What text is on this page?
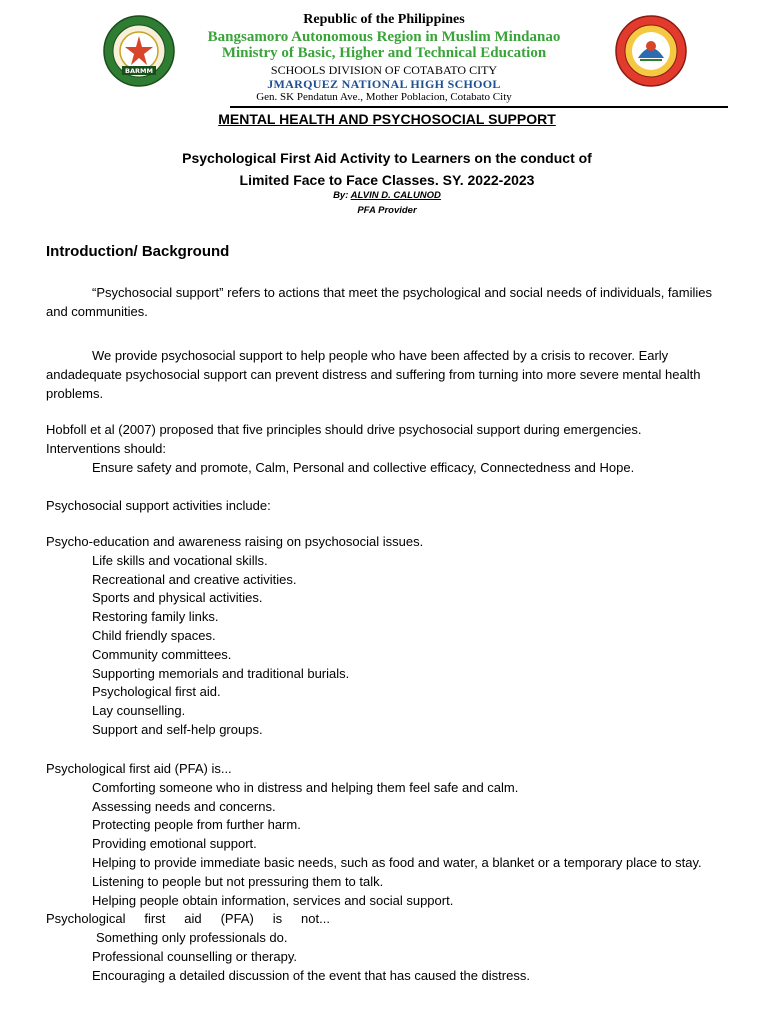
BARMM
Republic of the Philippines
Bangsamoro Autonomous Region in Muslim Mindanao
Ministry of Basic, Higher and Technical Education
SCHOOLS DIVISION OF COTABATO CITY
JMARQUEZ NATIONAL HIGH SCHOOL
Gen. SK Pendatun Ave., Mother Poblacion, Cotabato City
MENTAL HEALTH AND PSYCHOSOCIAL SUPPORT
Psychological First Aid Activity to Learners on the conduct of
Limited Face to Face Classes. SY. 2022-2023
By: ALVIN D. CALUNOD
PFA Provider
Introduction/ Background
“Psychosocial support” refers to actions that meet the psychological and social needs of individuals, families and communities.
We provide psychosocial support to help people who have been affected by a crisis to recover. Early andadequate psychosocial support can prevent distress and suffering from turning into more severe mental health problems.
Hobfoll et al (2007) proposed that five principles should drive psychosocial support during emergencies.
Interventions should:
Ensure safety and promote, Calm, Personal and collective efficacy, Connectedness and Hope.
Psychosocial support activities include:
Psycho-education and awareness raising on psychosocial issues.
Life skills and vocational skills.
Recreational and creative activities.
Sports and physical activities.
Restoring family links.
Child friendly spaces.
Community committees.
Supporting memorials and traditional burials.
Psychological first aid.
Lay counselling.
Support and self-help groups.
Psychological first aid (PFA) is...
Comforting someone who in distress and helping them feel safe and calm.
Assessing needs and concerns.
Protecting people from further harm.
Providing emotional support.
Helping to provide immediate basic needs, such as food and water, a blanket or a temporary place to stay.
Listening to people but not pressuring them to talk.
Helping people obtain information, services and social support.
Psychological first aid (PFA) is not...
Something only professionals do.
Professional counselling or therapy.
Encouraging a detailed discussion of the event that has caused the distress.
